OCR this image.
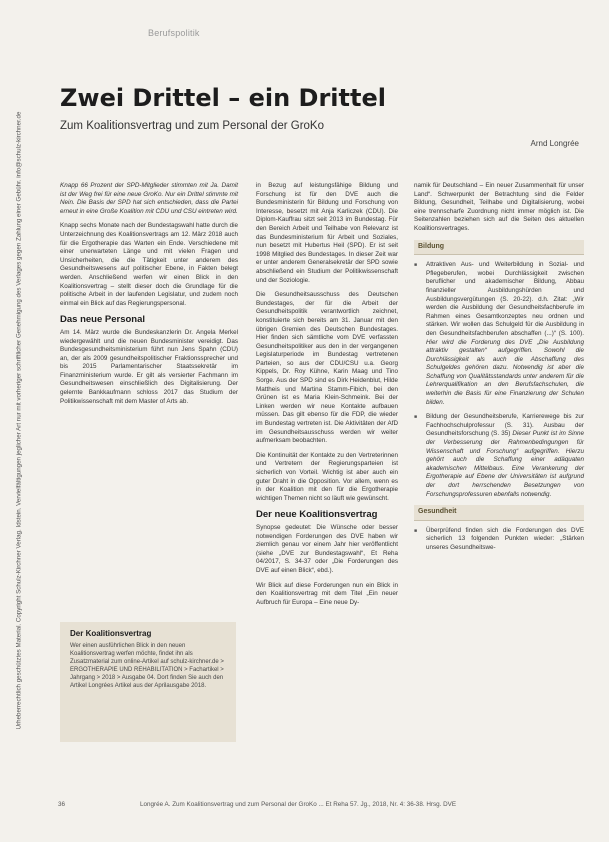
Urheberrechtlich geschütztes Material. Copyright Schulz-Kirchner Verlag. Idstein. Vervielfältigungen jeglicher Art nur mit vorheriger schriftlicher Genehmigung des Verlages gegen Zahlung einer Gebühr. info@schulz-kirchner.de
Berufspolitik
Zwei Drittel – ein Drittel
Zum Koalitionsvertrag und zum Personal der GroKo
Arnd Longrée

Knapp 66 Prozent der SPD-Mitglieder stimmten mit Ja. Damit ist der Weg frei für eine neue GroKo. Nur ein Drittel stimmte mit Nein. Die Basis der SPD hat sich entschieden, dass die Partei erneut in eine Große Koalition mit CDU und CSU eintreten wird.

Knapp sechs Monate nach der Bundestagswahl hatte durch die Unterzeichnung des Koalitionsvertrags am 12. März 2018 auch für die Ergotherapie das Warten ein Ende. Verschiedene mit einer unerwarteten Länge und mit vielen Fragen und Unsicherheiten, die die Tätigkeit unter anderem des Gesundheitswesens auf politischer Ebene, in Fakten belegt werden. Anschließend werfen wir einen Blick in den Koalitionsvertrag – stellt dieser doch die Grundlage für die politische Arbeit in der laufenden Legislatur, und zudem noch einmal ein Blick auf das Regierungspersonal.

Das neue Personal

Am 14. März wurde die Bundeskanzlerin Dr. Angela Merkel wiedergewählt und die neuen Bundesminister vereidigt. Das Bundesgesundheitsministerium führt nun Jens Spahn (CDU) an, der als 2009 gesundheitspolitischer Fraktionssprecher und bis 2015 Parlamentarischer Staatssekretär im Finanzministerium wurde. Er gilt als versierter Fachmann im Gesundheitswesen einschließlich des Digitalisierung. Der gelernte Bankkaufmann schloss 2017 das Studium der Politikwissenschaft mit dem Master of Arts ab.

in Bezug auf leistungsfähige Bildung und Forschung ist für den DVE auch die Bundesministerin für Bildung und Forschung von Interesse, besetzt mit Anja Karliczek (CDU). Die Diplom-Kauffrau sitzt seit 2013 im Bundestag. Für den Bereich Arbeit und Teilhabe von Relevanz ist das Bundesministerium für Arbeit und Soziales, nun besetzt mit Hubertus Heil (SPD). Er ist seit 1998 Mitglied des Bundestages. In dieser Zeit war er unter anderem Generalsekretär der SPD sowie abschließend ein Studium der Politikwissenschaft und der Soziologie.

Die Gesundheitsausschuss des Deutschen Bundestages, der für die Arbeit der Gesundheitspolitik verantwortlich zeichnet, konstituierte sich bereits am 31. Januar mit den übrigen Gremien des Deutschen Bundestages. Hier finden sich sämtliche vom DVE verfassten Gesundheitspolitiker aus den in der vergangenen Legislaturperiode im Bundestag vertretenen Parteien, so aus der CDU/CSU u.a. Georg Kippels, Dr. Roy Kühne, Karin Maag und Tino Sorge. Aus der SPD sind es Dirk Heidenblut, Hilde Mattheis und Martina Stamm-Fibich, bei den Grünen ist es Maria Klein-Schmeink. Bei der Linken werden wir neue Kontakte aufbauen müssen. Das gilt ebenso für die FDP, die wieder im Bundestag vertreten ist. Die Aktivitäten der AfD im Gesundheitsausschuss werden wir weiter aufmerksam beobachten.

Die Kontinuität der Kontakte zu den Vertreterinnen und Vertretern der Regierungsparteien ist sicherlich von Vorteil. Wichtig ist aber auch ein guter Draht in die Opposition. Vor allem, wenn es in der Koalition mit den für die Ergotherapie wichtigen Themen nicht so läuft wie gewünscht.

Der neue Koalitionsvertrag

Synopse gedeutet: Die Wünsche oder besser notwendigen Forderungen des DVE haben wir ziemlich genau vor einem Jahr hier veröffentlicht (siehe „DVE zur Bundestagswahl“, Et Reha 04/2017, S. 34-37 oder „Die Forderungen des DVE auf einen Blick“, ebd.).

Wir Blick auf diese Forderungen nun ein Blick in den Koalitionsvertrag mit dem Titel „Ein neuer Aufbruch für Europa – Eine neue Dy-

namik für Deutschland – Ein neuer Zusammenhalt für unser Land“. Schwerpunkt der Betrachtung sind die Felder Bildung, Gesundheit, Teilhabe und Digitalisierung, wobei eine trennscharfe Zuordnung nicht immer möglich ist. Die Seitenzahlen beziehen sich auf die Seiten des aktuellen Koalitionsvertrages.

Bildung
■ Attraktiven Aus- und Weiterbildung in Sozial- und Pflegeberufen, wobei Durchlässigkeit zwischen beruflicher und akademischer Bildung, Abbau finanzieller Ausbildungshürden und Ausbildungsvergütungen (S. 20-22). d.h. Zitat: „Wir werden die Ausbildung der Gesundheitsfachberufe im Rahmen eines Gesamtkonzeptes neu ordnen und stärken. Wir wollen das Schulgeld für die Ausbildung in den Gesundheitsfachberufen abschaffen (...)“ (S. 100). Hier wird die Forderung des DVE „Die Ausbildung attraktiv gestalten“ aufgegriffen. Sowohl die Durchlässigkeit als auch die Abschaffung des Schulgeldes gehören dazu. Notwendig ist aber die Schaffung von Qualitätsstandards unter anderem für die Lehrerqualifikation an den Berufsfachschulen, die weiterhin die Basis für eine Finanzierung der Schulen bilden.
■ Bildung der Gesundheitsberufe, Karrierewege bis zur Fachhochschulprofessur (S. 31). Ausbau der Gesundheitsforschung (S. 35) Dieser Punkt ist im Sinne der Verbesserung der Rahmenbedingungen für Wissenschaft und Forschung“ aufgegriffen. Hierzu gehört auch die Schaffung einer adäquaten akademischen Mittelbaus. Eine Verankerung der Ergotherapie auf Ebene der Universitäten ist aufgrund der dort herrschenden Besetzungen von Forschungsprofessuren ebenfalls notwendig.
Gesundheit
■ Überprüfend finden sich die Forderungen des DVE sicherlich 13 folgenden Punkten wieder: „Stärken unseres Gesundheitswe-
Der Koalitionsvertrag
Wer einen ausführlichen Blick in den neuen Koalitionsvertrag werfen möchte, findet ihn als Zusatzmaterial zum online-Artikel auf schulz-kirchner.de > ERGOTHERAPIE UND REHABILITATION > Fachartikel > Jahrgang > 2018 > Ausgabe 04. Dort finden Sie auch den Artikel Longrées Artikel aus der Aprilausgabe 2018.
36	Longrée A. Zum Koalitionsvertrag und zum Personal der GroKo ... Et Reha 57. Jg., 2018, Nr. 4: 36-38. Hrsg. DVE
